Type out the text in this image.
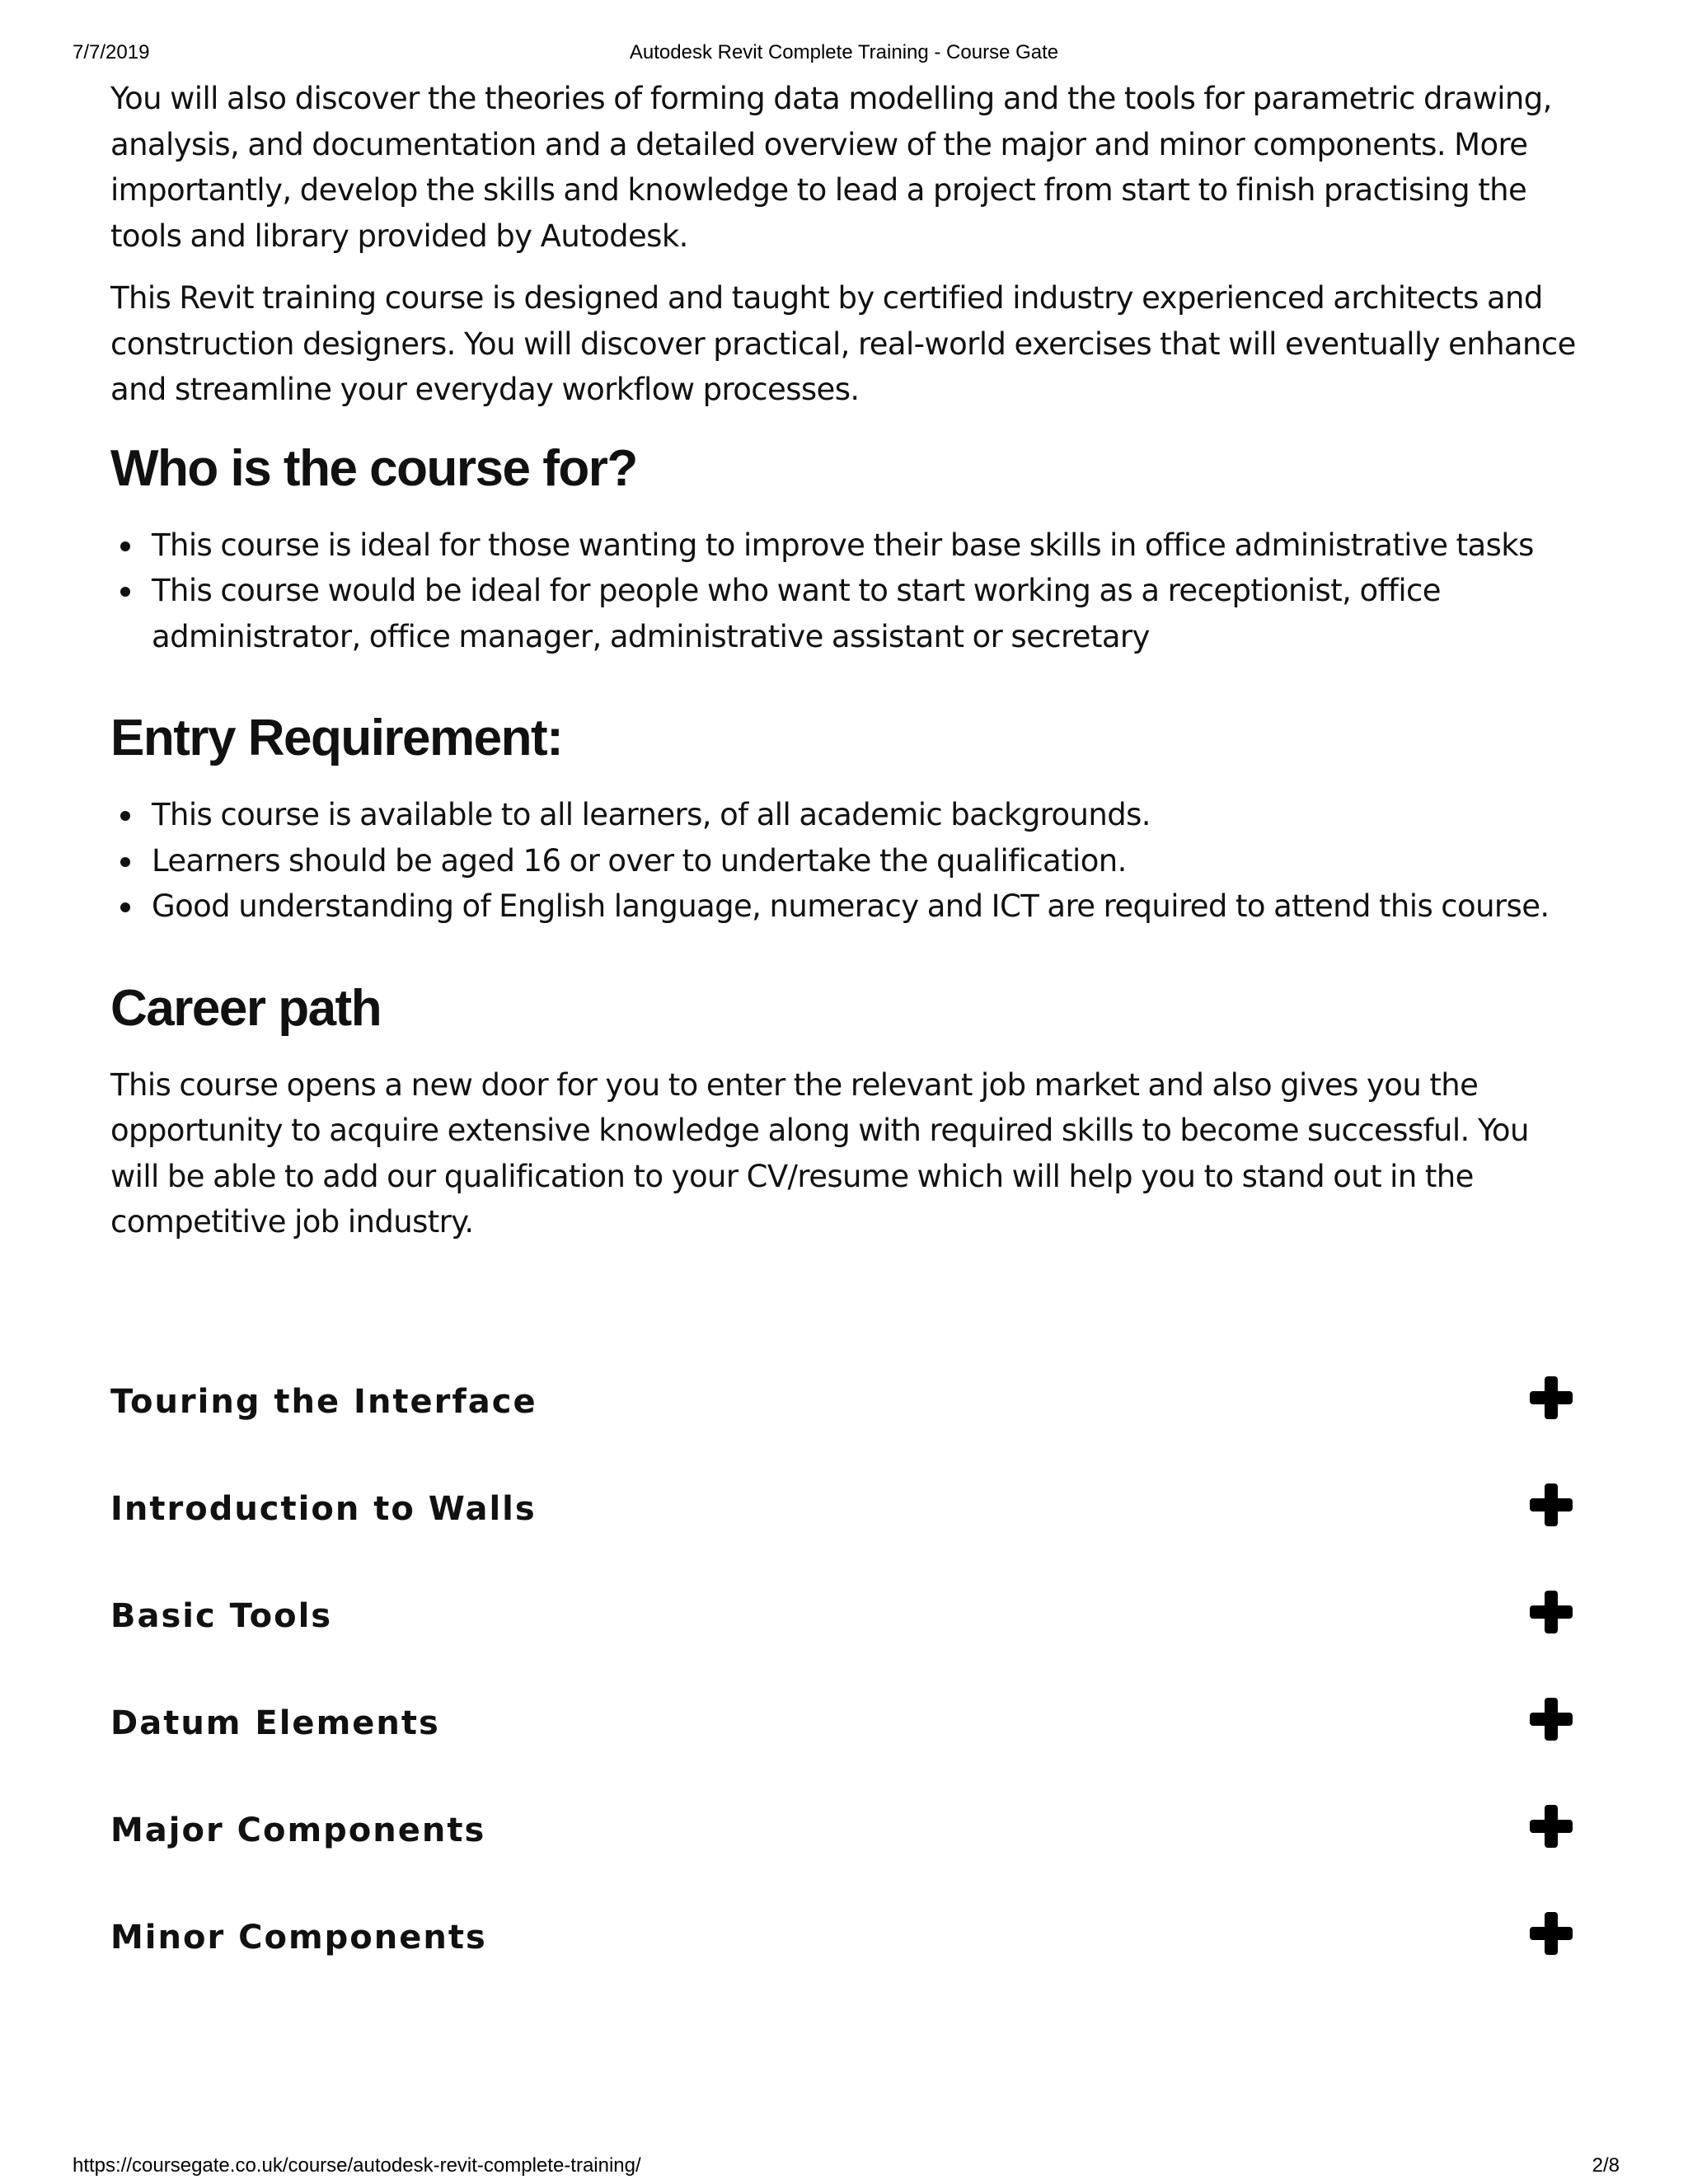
7/7/2019	Autodesk Revit Complete Training - Course Gate

You will also discover the theories of forming data modelling and the tools for parametric drawing, analysis, and documentation and a detailed overview of the major and minor components. More importantly, develop the skills and knowledge to lead a project from start to finish practising the tools and library provided by Autodesk.

This Revit training course is designed and taught by certified industry experienced architects and construction designers. You will discover practical, real-world exercises that will eventually enhance and streamline your everyday workflow processes.

Who is the course for?
This course is ideal for those wanting to improve their base skills in office administrative tasks
This course would be ideal for people who want to start working as a receptionist, office administrator, office manager, administrative assistant or secretary
Entry Requirement:
This course is available to all learners, of all academic backgrounds.
Learners should be aged 16 or over to undertake the qualification.
Good understanding of English language, numeracy and ICT are required to attend this course.
Career path

This course opens a new door for you to enter the relevant job market and also gives you the opportunity to acquire extensive knowledge along with required skills to become successful. You will be able to add our qualification to your CV/resume which will help you to stand out in the competitive job industry.

Touring the Interface
Introduction to Walls
Basic Tools
Datum Elements
Major Components
Minor Components
https://coursegate.co.uk/course/autodesk-revit-complete-training/	2/8
